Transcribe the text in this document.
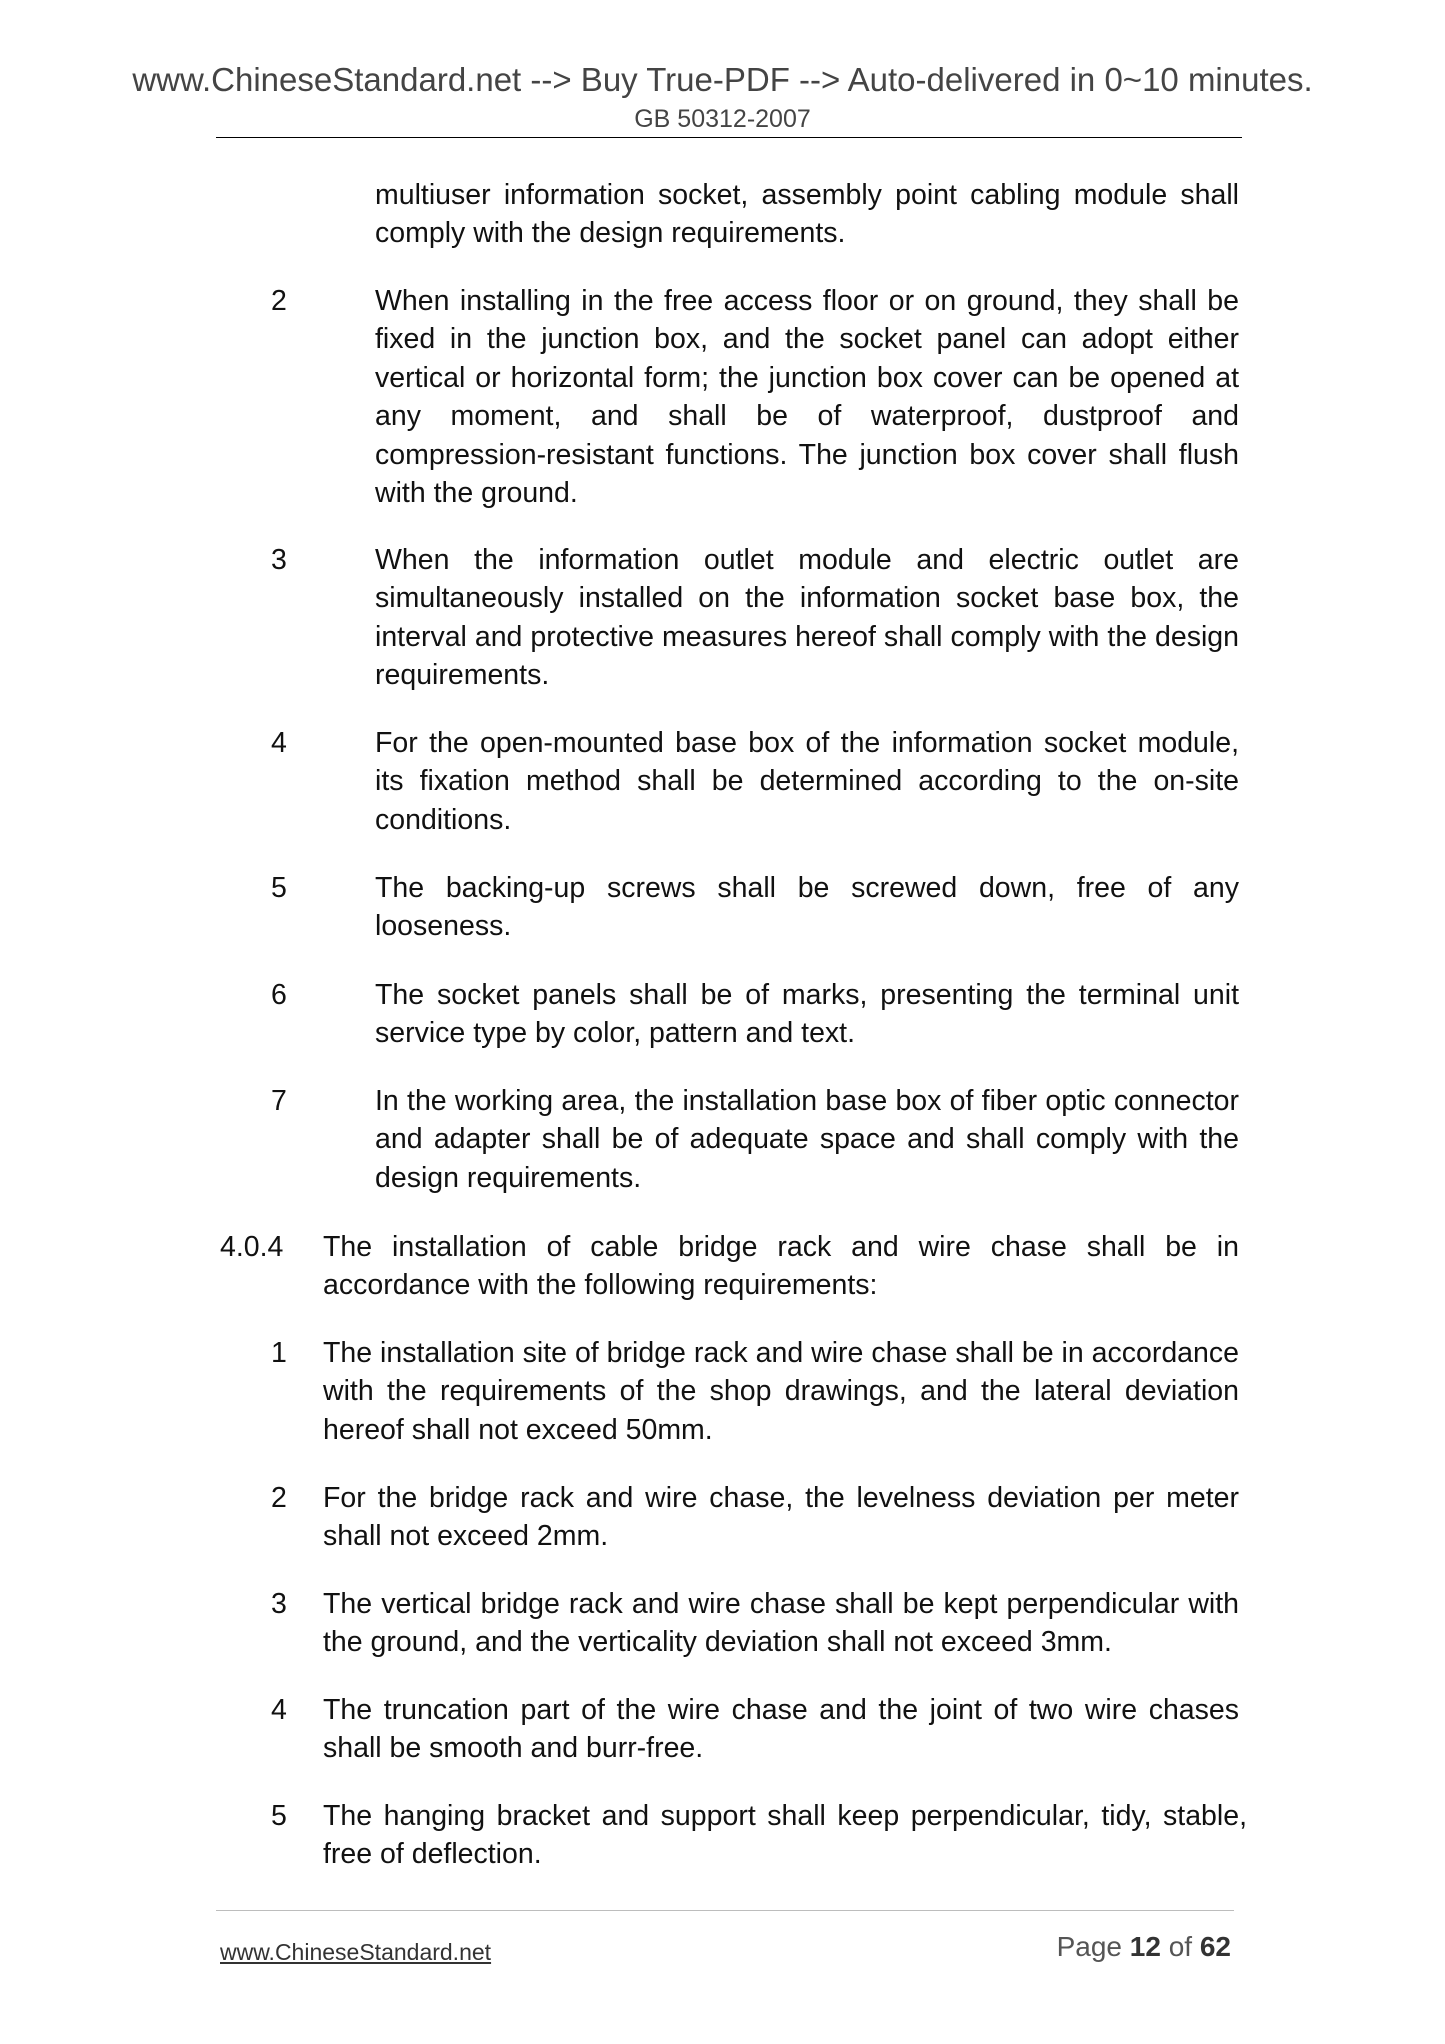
www.ChineseStandard.net --> Buy True-PDF --> Auto-delivered in 0~10 minutes.
GB 50312-2007

multiuser information socket, assembly point cabling module shall comply with the design requirements.

2	When installing in the free access floor or on ground, they shall be fixed in the junction box, and the socket panel can adopt either vertical or horizontal form; the junction box cover can be opened at any moment, and shall be of waterproof, dustproof and compression-resistant functions. The junction box cover shall flush with the ground.

3	When the information outlet module and electric outlet are simultaneously installed on the information socket base box, the interval and protective measures hereof shall comply with the design requirements.

4	For the open-mounted base box of the information socket module, its fixation method shall be determined according to the on-site conditions.

5	The backing-up screws shall be screwed down, free of any looseness.

6	The socket panels shall be of marks, presenting the terminal unit service type by color, pattern and text.

7	In the working area, the installation base box of fiber optic connector and adapter shall be of adequate space and shall comply with the design requirements.

4.0.4 The installation of cable bridge rack and wire chase shall be in accordance with the following requirements:

1 The installation site of bridge rack and wire chase shall be in accordance with the requirements of the shop drawings, and the lateral deviation hereof shall not exceed 50mm.

2 For the bridge rack and wire chase, the levelness deviation per meter shall not exceed 2mm.

3 The vertical bridge rack and wire chase shall be kept perpendicular with the ground, and the verticality deviation shall not exceed 3mm.

4 The truncation part of the wire chase and the joint of two wire chases shall be smooth and burr-free.

5 The hanging bracket and support shall keep perpendicular, tidy, stable, free of deflection.

www.ChineseStandard.net	Page 12 of 62
